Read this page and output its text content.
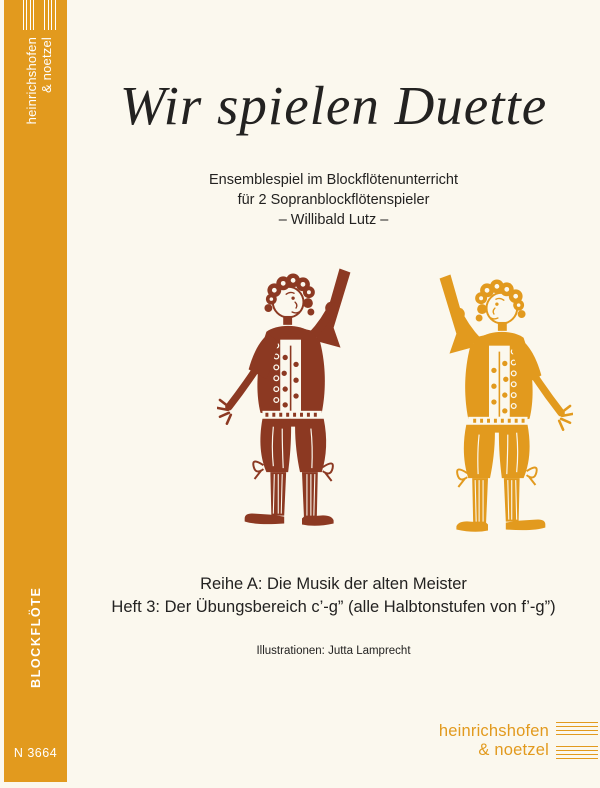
heinrichshofen & noetzel
BLOCKFLÖTE
N 3664
Wir spielen Duette
Ensemblespiel im Blockflötenunterricht
für 2 Sopranblockflötenspieler
– Willibald Lutz –
Reihe A: Die Musik der alten Meister
Heft 3: Der Übungsbereich c’-g” (alle Halbtonstufen von f’-g”)
Illustrationen: Jutta Lamprecht
heinrichshofen
& noetzel
